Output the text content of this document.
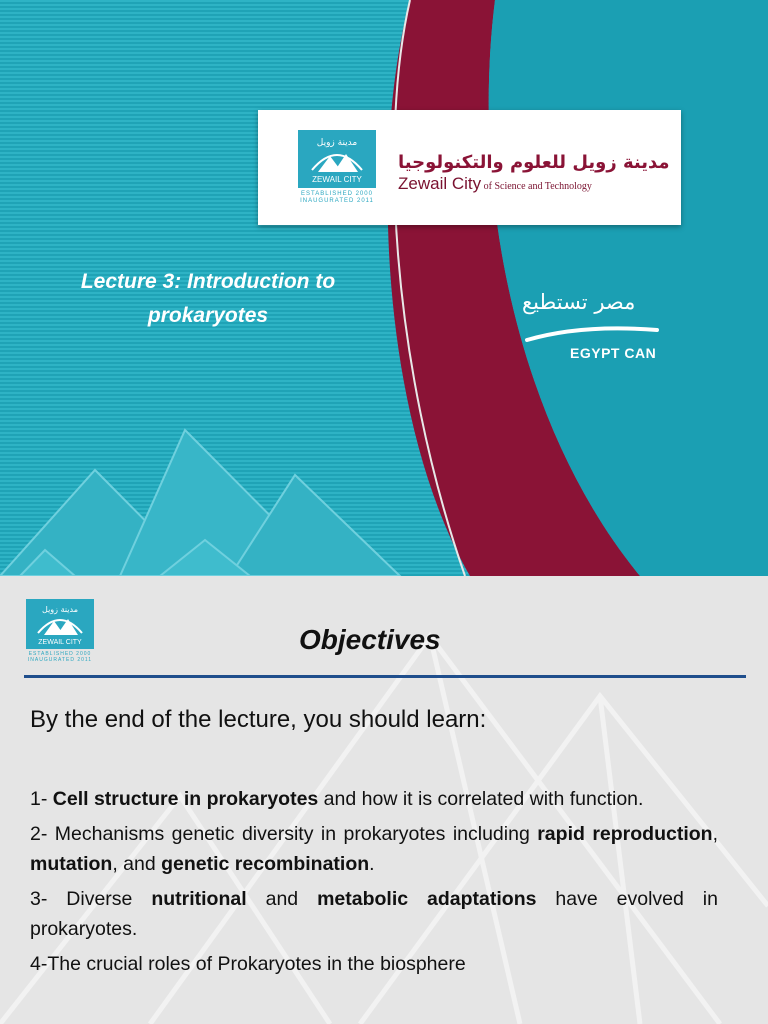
مدينة زويل
ZEWAIL CITY
ESTABLISHED 2000
INAUGURATED 2011
مدينة زويل للعلوم والتكنولوجيا
Zewail City of Science and Technology
Lecture 3: Introduction to
prokaryotes
مصر تستطيع
EGYPT CAN
مدينة زويل
ZEWAIL CITY
ESTABLISHED 2000
INAUGURATED 2011
Objectives
By the end of the lecture, you should learn:
1- Cell structure in prokaryotes and how it is correlated with function.
2- Mechanisms genetic diversity in prokaryotes including rapid reproduction, mutation, and genetic recombination.
3- Diverse nutritional and metabolic adaptations have evolved in prokaryotes.
4-The crucial roles of Prokaryotes in the biosphere
